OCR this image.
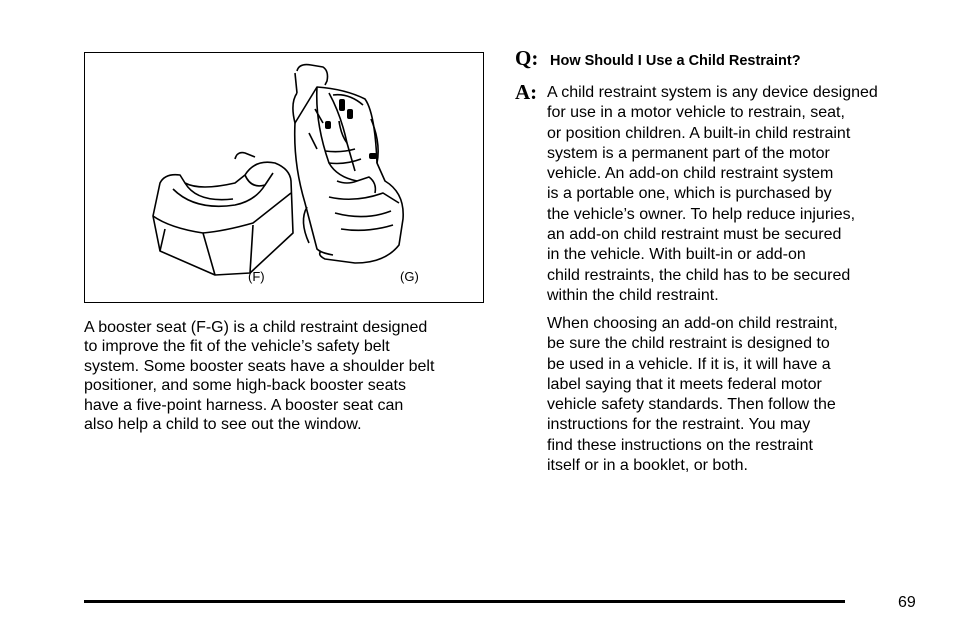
(F)	(G)
A booster seat (F-G) is a child restraint designed
to improve the fit of the vehicle’s safety belt
system. Some booster seats have a shoulder belt
positioner, and some high-back booster seats
have a five-point harness. A booster seat can
also help a child to see out the window.
Q: How Should I Use a Child Restraint?
A: A child restraint system is any device designed
for use in a motor vehicle to restrain, seat,
or position children. A built-in child restraint
system is a permanent part of the motor
vehicle. An add-on child restraint system
is a portable one, which is purchased by
the vehicle’s owner. To help reduce injuries,
an add-on child restraint must be secured
in the vehicle. With built-in or add-on
child restraints, the child has to be secured
within the child restraint.
When choosing an add-on child restraint,
be sure the child restraint is designed to
be used in a vehicle. If it is, it will have a
label saying that it meets federal motor
vehicle safety standards. Then follow the
instructions for the restraint. You may
find these instructions on the restraint
itself or in a booklet, or both.
69
